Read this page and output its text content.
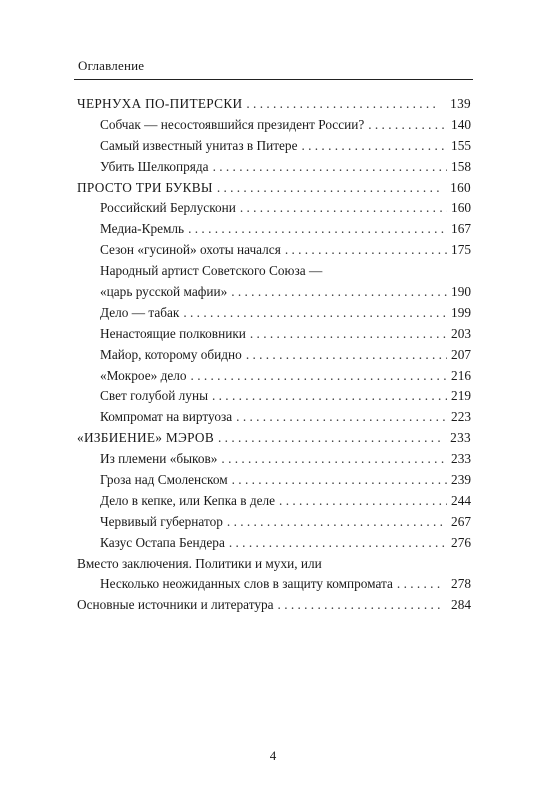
Оглавление
ЧЕРНУХА ПО-ПИТЕРСКИ . . .	139
Собчак — несостоявшийся президент России? . . .	140
Самый известный унитаз в Питере . . .	155
Убить Шелкопряда . . .	158
ПРОСТО ТРИ БУКВЫ . . .	160
Российский Берлускони . . .	160
Медиа-Кремль . . .	167
Сезон «гусиной» охоты начался . . .	175
Народный артист Советского Союза —
«царь русской мафии» . . .	190
Дело — табак . . .	199
Ненастоящие полковники . . .	203
Майор, которому обидно . . .	207
«Мокрое» дело . . .	216
Свет голубой луны . . .	219
Компромат на виртуоза . . .	223
«ИЗБИЕНИЕ» МЭРОВ . . .	233
Из племени «быков» . . .	233
Гроза над Смоленском . . .	239
Дело в кепке, или Кепка в деле . . .	244
Червивый губернатор . . .	267
Казус Остапа Бендера . . .	276
Вместо заключения. Политики и мухи, или
Несколько неожиданных слов в защиту компромата . . .	278
Основные источники и литература . . .	284
4
